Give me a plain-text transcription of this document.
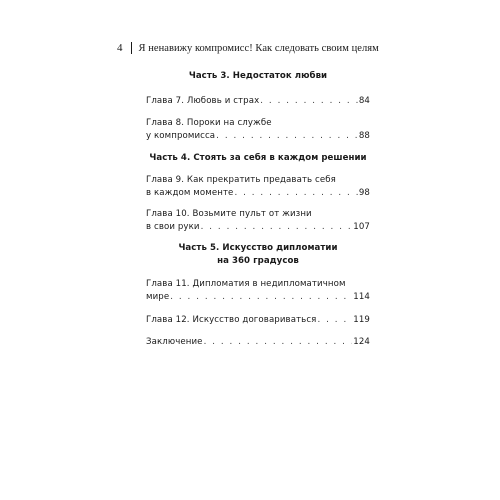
4 Я ненавижу компромисс! Как следовать своим целям
Часть 3. Недостаток любви
Глава 7. Любовь и страх . . .	84
Глава 8. Пороки на службе
у компромисса . . .	88
Часть 4. Стоять за себя в каждом решении
Глава 9. Как прекратить предавать себя
в каждом моменте . . .	98
Глава 10. Возьмите пульт от жизни
в свои руки . . .	107
Часть 5. Искусство дипломатии
на 360 градусов
Глава 11. Дипломатия в недипломатичном
мире . . .	114
Глава 12. Искусство договариваться . . .	119
Заключение . . .	124
